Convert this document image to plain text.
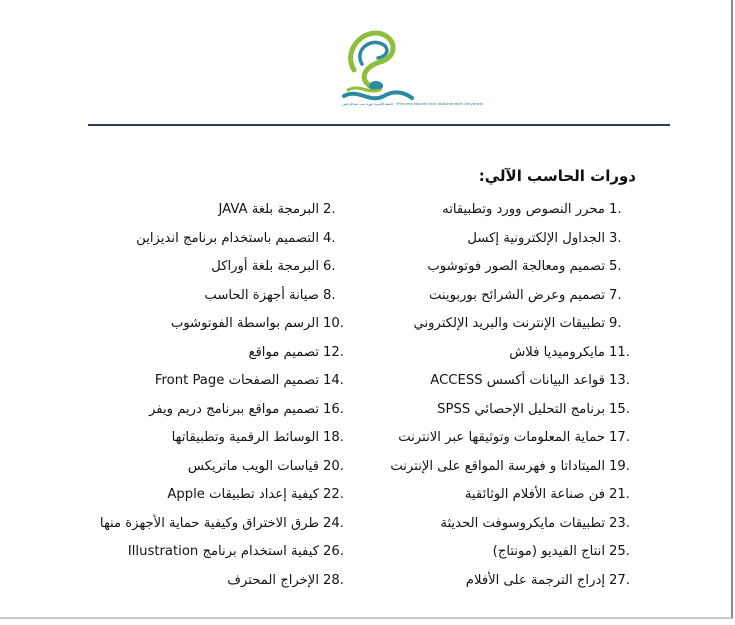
جامعة الأميرة نورة بنت عبدالرحمن · Princess Nourah bint Abdulrahman University
دورات الحاسب الآلي:
1.
محرر النصوص وورد وتطبيقاته
3.
الجداول الإلكترونية إكسل
5.
تصميم ومعالجة الصور فوتوشوب
7.
تصميم وعرض الشرائح بوربوينت
9.
تطبيقات الإنترنت والبريد الإلكتروني
11.
مايكروميديا فلاش
13.
قواعد البيانات أكسس ACCESS
15.
برنامج التحليل الإحصائي SPSS
17.
حماية المعلومات وتوثيقها عبر الانترنت
19.
الميتاداتا و فهرسة المواقع على الإنترنت
21.
فن صناعة الأفلام الوثائقية
23.
تطبيقات مايكروسوفت الحديثة
25.
انتاج الفيديو (مونتاج)
27.
إدراج الترجمة على الأفلام
2.
البرمجة بلغة JAVA
4.
التصميم باستخدام برنامج انديزاين
6.
البرمجة بلغة أوراكل
8.
صيانة أجهزة الحاسب
10.
الرسم بواسطة الفوتوشوب
12.
تصميم مواقع
14.
تصميم الصفحات Front Page
16.
تصميم مواقع ببرنامج دريم ويفر
18.
الوسائط الرقمية وتطبيقاتها
20.
قياسات الويب ماتريكس
22.
كيفية إعداد تطبيقات Apple
24.
طرق الاختراق وكيفية حماية الأجهزة منها
26.
كيفية استخدام برنامج Illustration
28.
الإخراج المحترف
